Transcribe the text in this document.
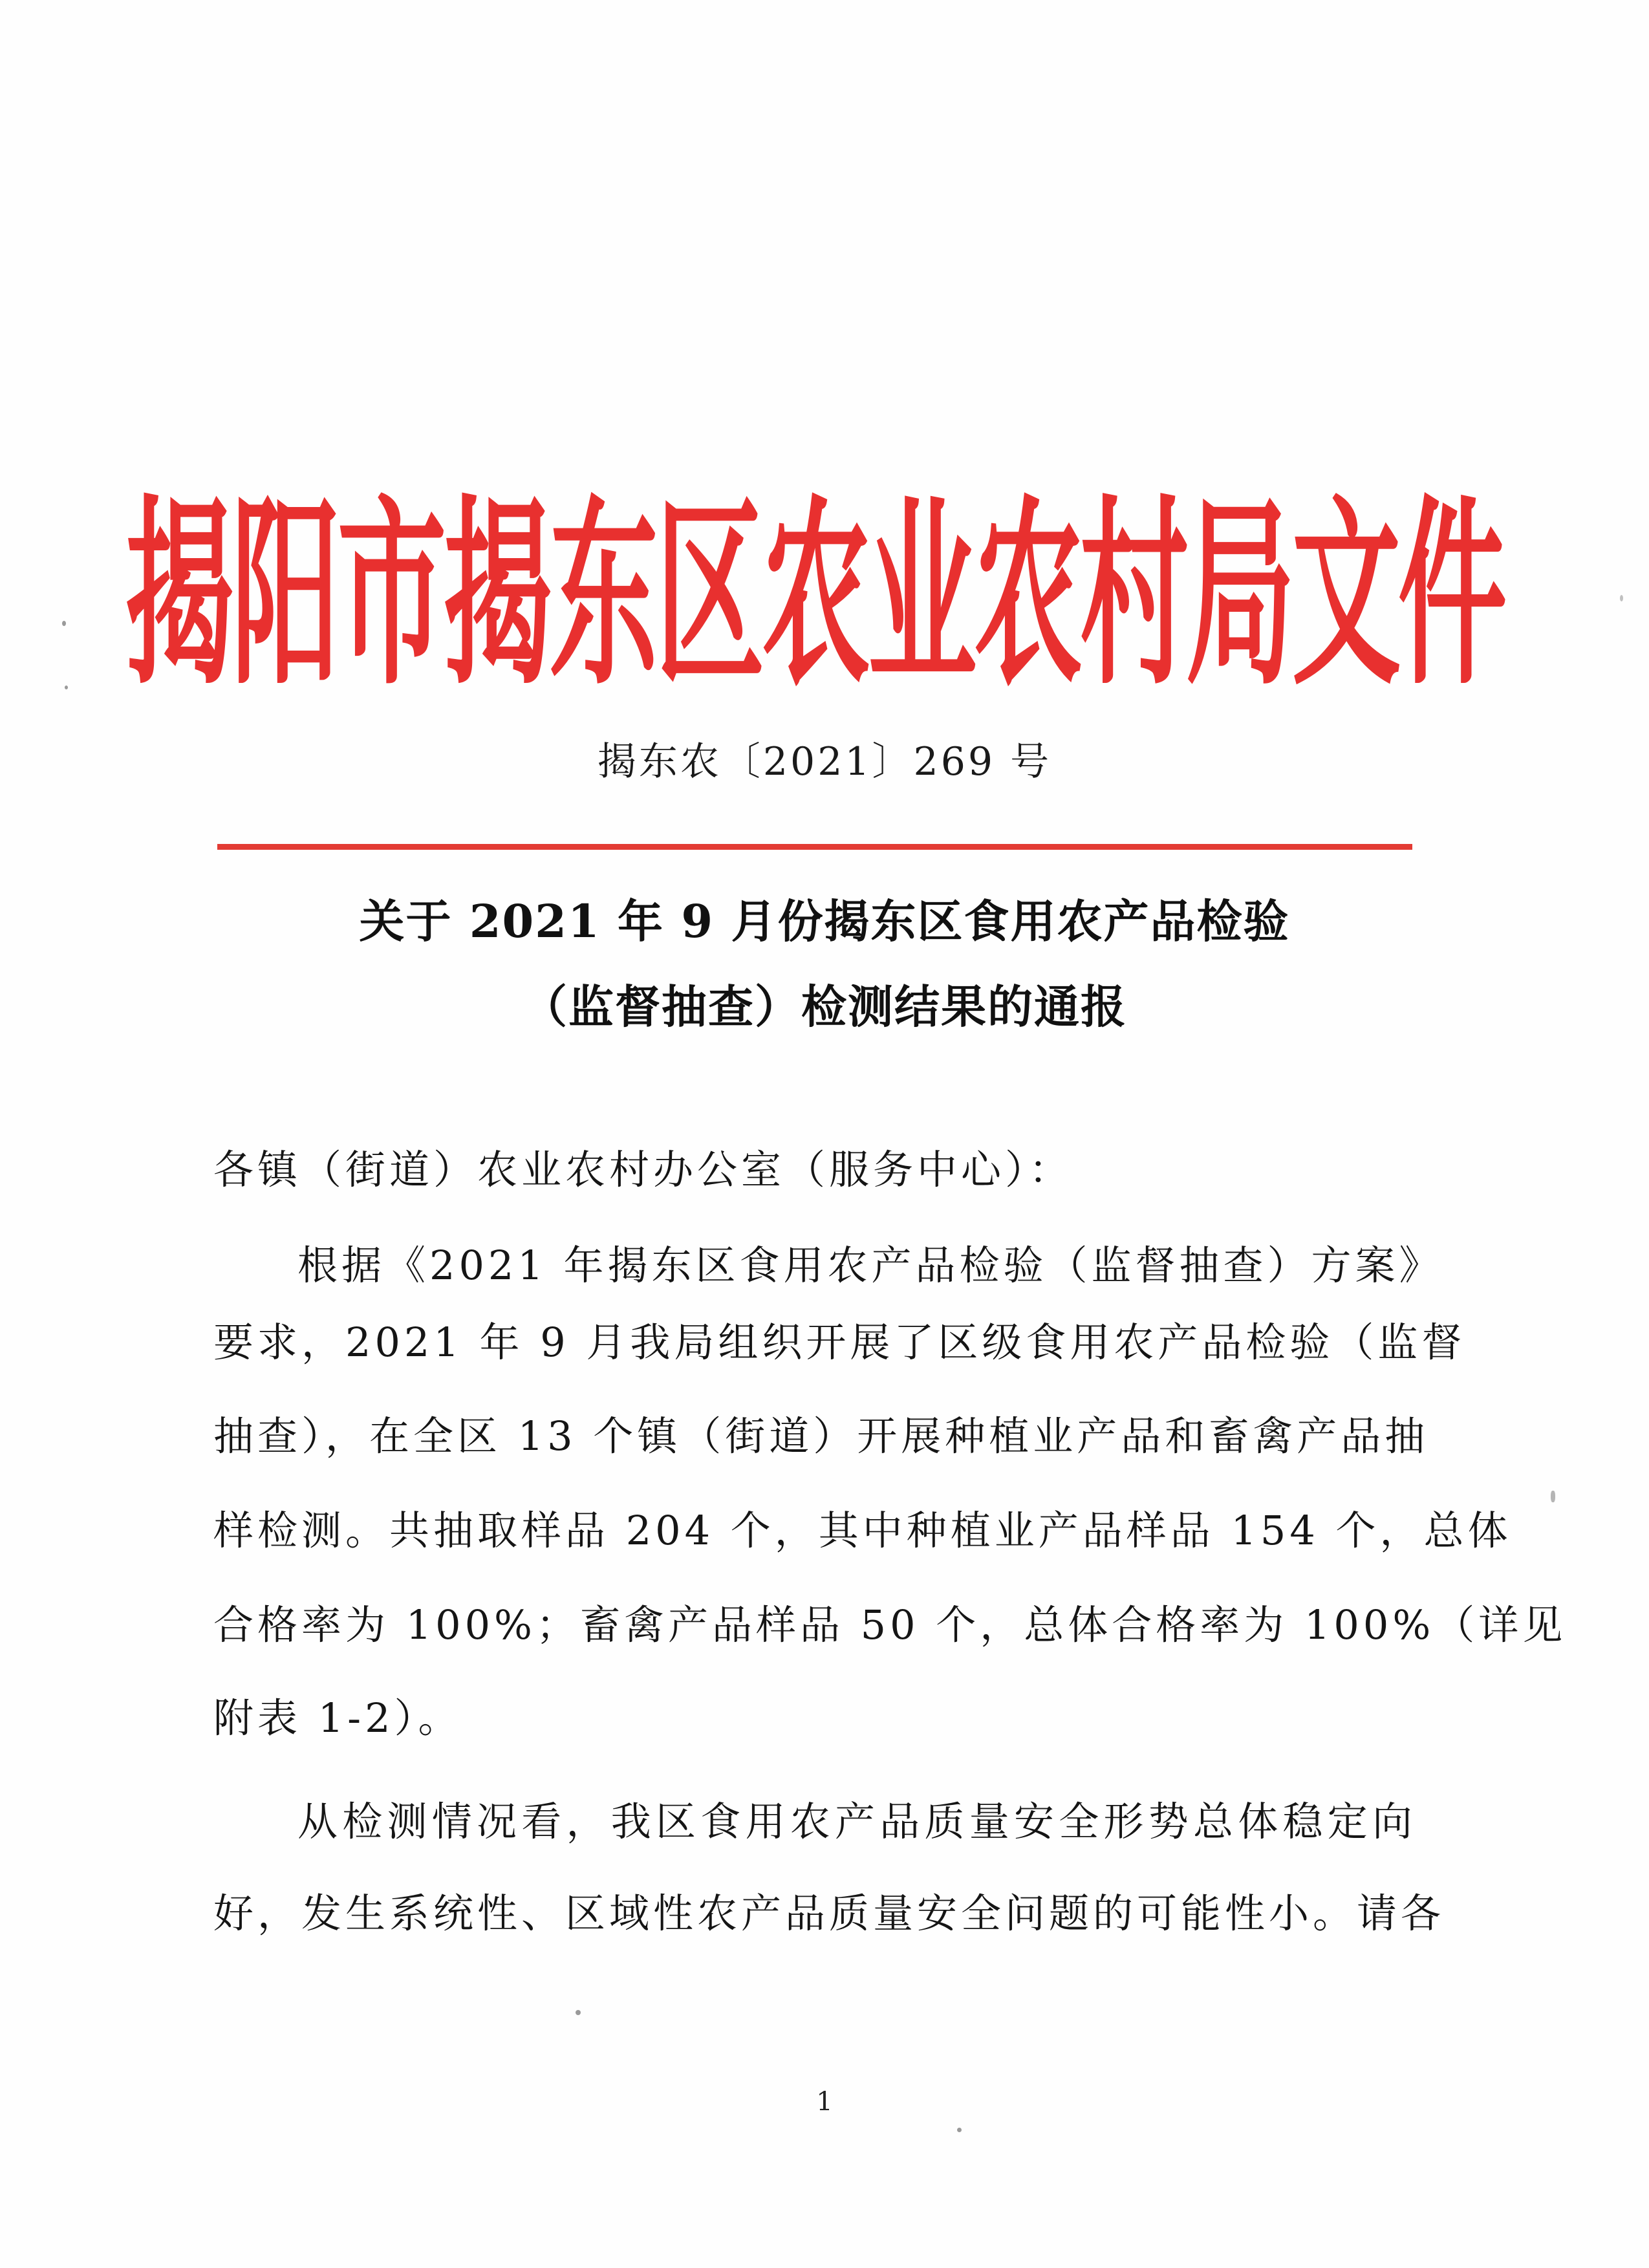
揭阳市揭东区农业农村局文件
揭东农〔2021〕269 号
关于 2021 年 9 月份揭东区食用农产品检验
（监督抽查）检测结果的通报
各镇（街道）农业农村办公室（服务中心）：
根据《2021 年揭东区食用农产品检验（监督抽查）方案》
要求，2021 年 9 月我局组织开展了区级食用农产品检验（监督
抽查），在全区 13 个镇（街道）开展种植业产品和畜禽产品抽
样检测。共抽取样品 204 个，其中种植业产品样品 154 个，总体
合格率为 100%；畜禽产品样品 50 个，总体合格率为 100%（详见
附表 1-2）。
从检测情况看，我区食用农产品质量安全形势总体稳定向
好，发生系统性、区域性农产品质量安全问题的可能性小。请各
1
